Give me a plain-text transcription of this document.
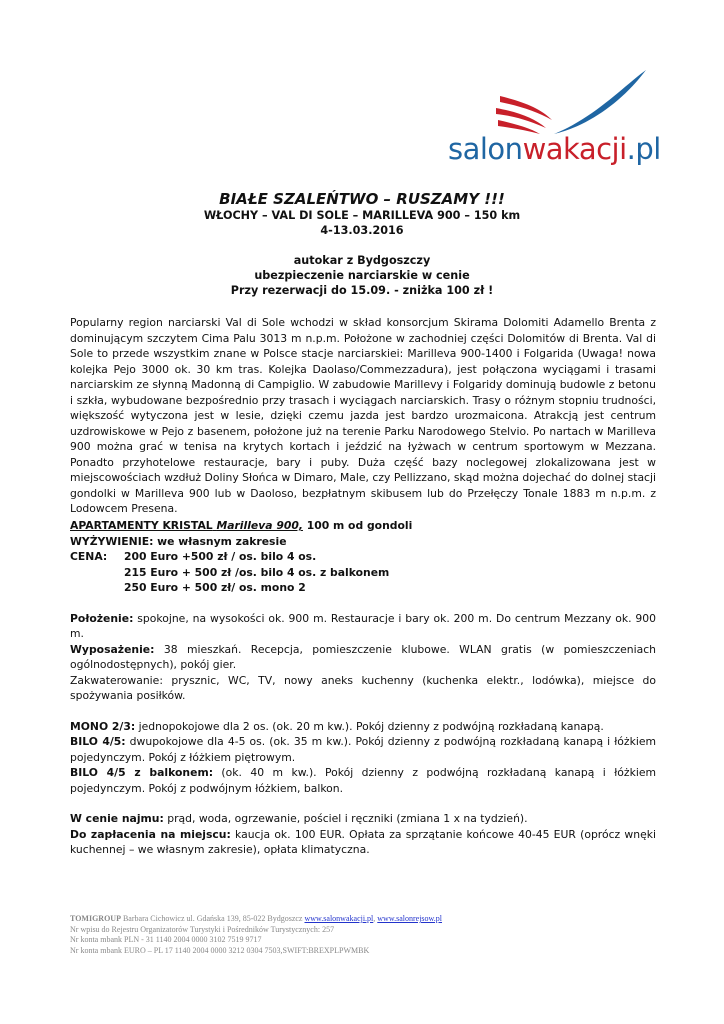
salonwakacji.pl

BIAŁE SZALEŃTWO – RUSZAMY !!!

WŁOCHY – VAL DI SOLE – MARILLEVA 900 – 150 km

4-13.03.2016

autokar z Bydgoszczy

ubezpieczenie narciarskie w cenie

Przy rezerwacji do 15.09. - zniżka 100 zł !

Popularny region narciarski Val di Sole wchodzi w skład konsorcjum Skirama Dolomiti Adamello Brenta z dominującym szczytem Cima Palu 3013 m n.p.m. Położone w zachodniej części Dolomitów di Brenta. Val di Sole to przede wszystkim znane w Polsce stacje narciarskiei: Marilleva 900-1400 i Folgarida (Uwaga! nowa kolejka Pejo 3000 ok. 30 km tras. Kolejka Daolaso/Commezzadura), jest połączona wyciągami i trasami narciarskim ze słynną Madonną di Campiglio. W zabudowie Marillevy i Folgaridy dominują budowle z betonu i szkła, wybudowane bezpośrednio przy trasach i wyciągach narciarskich. Trasy o różnym stopniu trudności, większość wytyczona jest w lesie, dzięki czemu jazda jest bardzo urozmaicona. Atrakcją jest centrum uzdrowiskowe w Pejo z basenem, położone już na terenie Parku Narodowego Stelvio. Po nartach w Marilleva 900 można grać w tenisa na krytych kortach i jeździć na łyżwach w centrum sportowym w Mezzana. Ponadto przyhotelowe restauracje, bary i puby. Duża część bazy noclegowej zlokalizowana jest w miejscowościach wzdłuż Doliny Słońca w Dimaro, Male, czy Pellizzano, skąd można dojechać do dolnej stacji gondolki w Marilleva 900 lub w Daoloso, bezpłatnym skibusem lub do Przełęczy Tonale 1883 m n.p.m. z Lodowcem Presena.

APARTAMENTY KRISTAL Marilleva 900, 100 m od gondoli

WYŻYWIENIE: we własnym zakresie

CENA:	200 Euro +500 zł / os. bilo 4 os.
215 Euro + 500 zł /os. bilo 4 os. z balkonem
250 Euro + 500 zł/ os. mono 2

Położenie: spokojne, na wysokości ok. 900 m. Restauracje i bary ok. 200 m. Do centrum Mezzany ok. 900 m.

Wyposażenie: 38 mieszkań. Recepcja, pomieszczenie klubowe. WLAN gratis (w pomieszczeniach ogólnodostępnych), pokój gier.

Zakwaterowanie: prysznic, WC, TV, nowy aneks kuchenny (kuchenka elektr., lodówka), miejsce do spożywania posiłków.

MONO 2/3: jednopokojowe dla 2 os. (ok. 20 m kw.). Pokój dzienny z podwójną rozkładaną kanapą.

BILO 4/5: dwupokojowe dla 4-5 os. (ok. 35 m kw.). Pokój dzienny z podwójną rozkładaną kanapą i łóżkiem pojedynczym. Pokój z łóżkiem piętrowym.

BILO 4/5 z balkonem: (ok. 40 m kw.). Pokój dzienny z podwójną rozkładaną kanapą i łóżkiem pojedynczym. Pokój z podwójnym łóżkiem, balkon.

W cenie najmu: prąd, woda, ogrzewanie, pościel i ręczniki (zmiana 1 x na tydzień).

Do zapłacenia na miejscu: kaucja ok. 100 EUR. Opłata za sprzątanie końcowe 40-45 EUR (oprócz wnęki kuchennej – we własnym zakresie), opłata klimatyczna.

TOMIGROUP Barbara Cichowicz ul. Gdańska 139, 85-022 Bydgoszcz www.salonwakacji.pl, www.salonrejsow.pl
Nr wpisu do Rejestru Organizatorów Turystyki i Pośredników Turystycznych: 257
Nr konta mbank PLN - 31 1140 2004 0000 3102 7519 9717
Nr konta mbank EURO – PL 17 1140 2004 0000 3212 0304 7503,SWIFT:BREXPLPWMBK
